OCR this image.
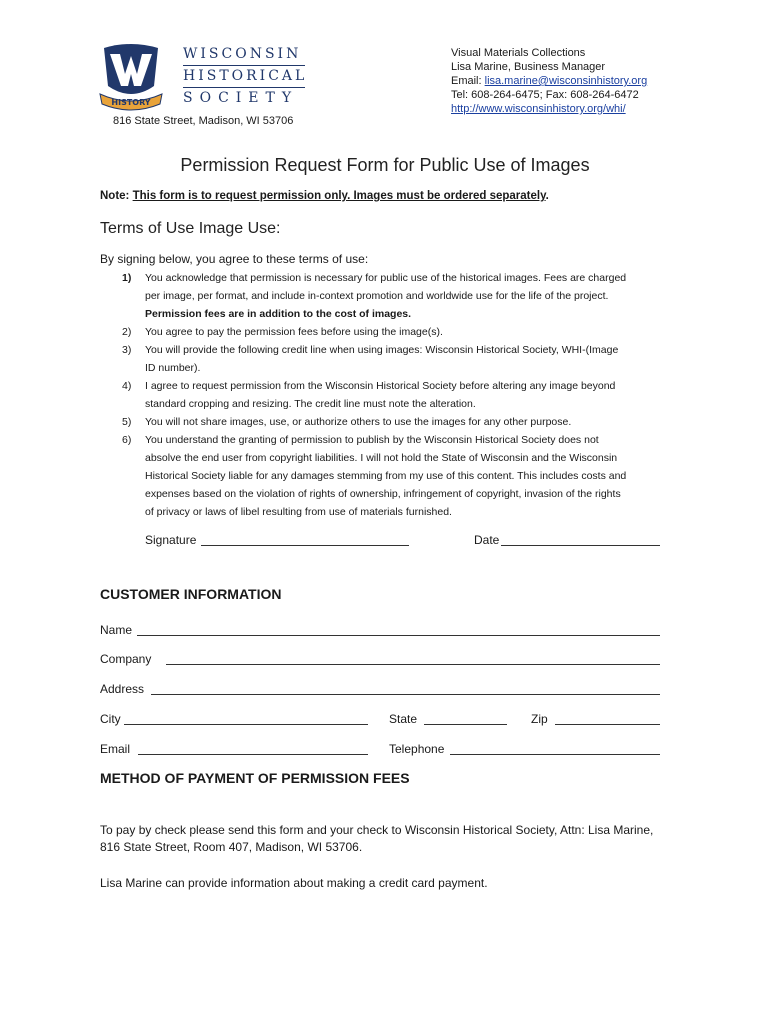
HISTORY
WISCONSIN
HISTORICAL
SOCIETY
816 State Street, Madison, WI 53706
Visual Materials Collections
Lisa Marine, Business Manager
Email: lisa.marine@wisconsinhistory.org
Tel: 608-264-6475; Fax: 608-264-6472
http://www.wisconsinhistory.org/whi/
Permission Request Form for Public Use of Images
Note: This form is to request permission only. Images must be ordered separately.
Terms of Use Image Use:
By signing below, you agree to these terms of use:
1) You acknowledge that permission is necessary for public use of the historical images. Fees are charged
per image, per format, and include in-context promotion and worldwide use for the life of the project.
Permission fees are in addition to the cost of images.
2) You agree to pay the permission fees before using the image(s).
3) You will provide the following credit line when using images: Wisconsin Historical Society, WHI-(Image
ID number).
4) I agree to request permission from the Wisconsin Historical Society before altering any image beyond
standard cropping and resizing. The credit line must note the alteration.
5) You will not share images, use, or authorize others to use the images for any other purpose.
6) You understand the granting of permission to publish by the Wisconsin Historical Society does not
absolve the end user from copyright liabilities. I will not hold the State of Wisconsin and the Wisconsin
Historical Society liable for any damages stemming from my use of this content. This includes costs and
expenses based on the violation of rights of ownership, infringement of copyright, invasion of the rights
of privacy or laws of libel resulting from use of materials furnished.
Signature	Date
CUSTOMER INFORMATION
Name
Company
Address
City	State	Zip
Email	Telephone
METHOD OF PAYMENT OF PERMISSION FEES
To pay by check please send this form and your check to Wisconsin Historical Society, Attn: Lisa Marine, 816 State Street, Room 407, Madison, WI 53706.
Lisa Marine can provide information about making a credit card payment.
